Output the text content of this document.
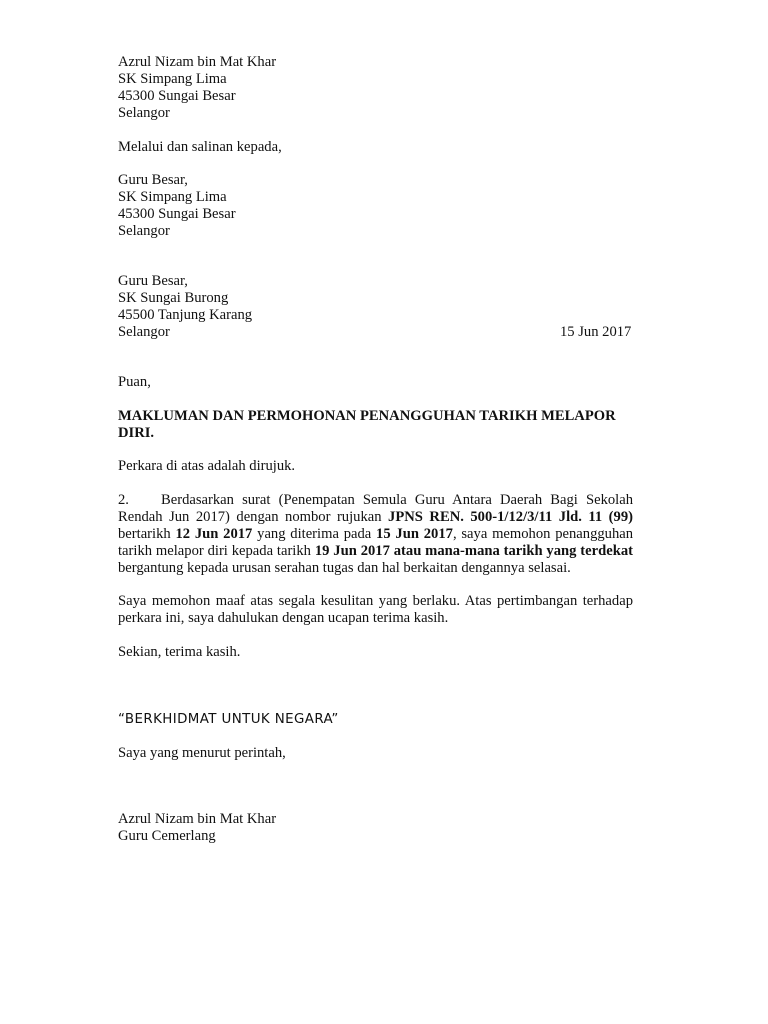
Azrul Nizam bin Mat Khar
SK Simpang Lima
45300 Sungai Besar
Selangor
Melalui dan salinan kepada,
Guru Besar,
SK Simpang Lima
45300 Sungai Besar
Selangor
Guru Besar,
SK Sungai Burong
45500 Tanjung Karang
Selangor	15 Jun 2017
Puan,
MAKLUMAN DAN PERMOHONAN PENANGGUHAN TARIKH MELAPOR
DIRI.
Perkara di atas adalah dirujuk.
2. Berdasarkan surat (Penempatan Semula Guru Antara Daerah Bagi Sekolah
Rendah Jun 2017) dengan nombor rujukan JPNS REN. 500-1/12/3/11 Jld. 11 (99)
bertarikh 12 Jun 2017 yang diterima pada 15 Jun 2017, saya memohon penangguhan
tarikh melapor diri kepada tarikh 19 Jun 2017 atau mana-mana tarikh yang terdekat
bergantung kepada urusan serahan tugas dan hal berkaitan dengannya selasai.
Saya memohon maaf atas segala kesulitan yang berlaku. Atas pertimbangan terhadap
perkara ini, saya dahulukan dengan ucapan terima kasih.
Sekian, terima kasih.
“BERKHIDMAT UNTUK NEGARA”
Saya yang menurut perintah,
Azrul Nizam bin Mat Khar
Guru Cemerlang
